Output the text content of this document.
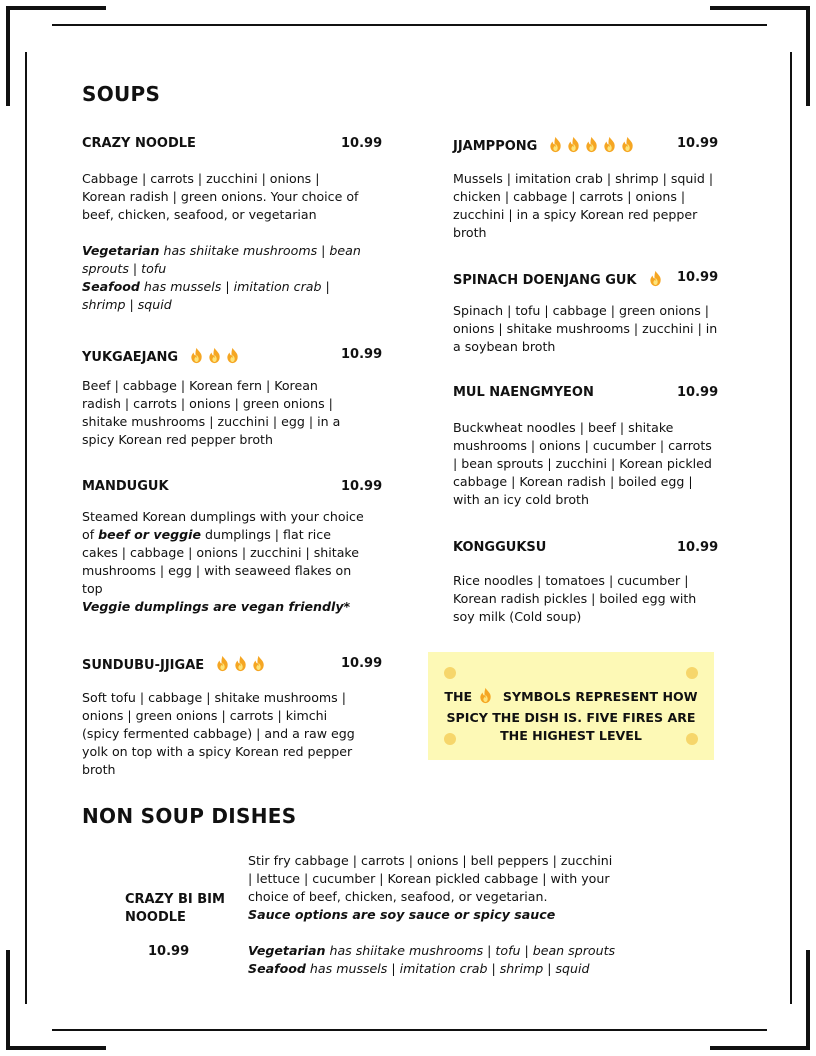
SOUPS
CRAZY NOODLE	10.99
Cabbage | carrots | zucchini | onions | Korean radish | green onions. Your choice of beef, chicken, seafood, or vegetarian
Vegetarian has shiitake mushrooms | bean sprouts | tofu
Seafood has mussels | imitation crab | shrimp | squid
YUKGAEJANG	10.99
Beef | cabbage | Korean fern | Korean radish | carrots | onions | green onions | shitake mushrooms | zucchini | egg | in a spicy Korean red pepper broth
MANDUGUK	10.99
Steamed Korean dumplings with your choice of beef or veggie dumplings | flat rice cakes | cabbage | onions | zucchini | shitake mushrooms | egg | with seaweed flakes on top
Veggie dumplings are vegan friendly*
SUNDUBU-JJIGAE	10.99
Soft tofu | cabbage | shitake mushrooms | onions | green onions | carrots | kimchi (spicy fermented cabbage) | and a raw egg yolk on top with a spicy Korean red pepper broth
JJAMPPONG	10.99
Mussels | imitation crab | shrimp | squid | chicken | cabbage | carrots | onions | zucchini | in a spicy Korean red pepper broth
SPINACH DOENJANG GUK	10.99
Spinach | tofu | cabbage | green onions | onions | shitake mushrooms | zucchini | in a soybean broth
MUL NAENGMYEON	10.99
Buckwheat noodles | beef | shitake mushrooms | onions | cucumber | carrots | bean sprouts | zucchini | Korean pickled cabbage | Korean radish | boiled egg | with an icy cold broth
KONGGUKSU	10.99
Rice noodles | tomatoes | cucumber | Korean radish pickles | boiled egg with soy milk (Cold soup)
THE  SYMBOLS REPRESENT HOW SPICY THE DISH IS. FIVE FIRES ARE THE HIGHEST LEVEL
NON SOUP DISHES
CRAZY BI BIM NOODLE
10.99
Stir fry cabbage | carrots | onions | bell peppers | zucchini | lettuce | cucumber | Korean pickled cabbage | with your choice of beef, chicken, seafood, or vegetarian.
Sauce options are soy sauce or spicy sauce
Vegetarian has shiitake mushrooms | tofu | bean sprouts
Seafood has mussels | imitation crab | shrimp | squid
